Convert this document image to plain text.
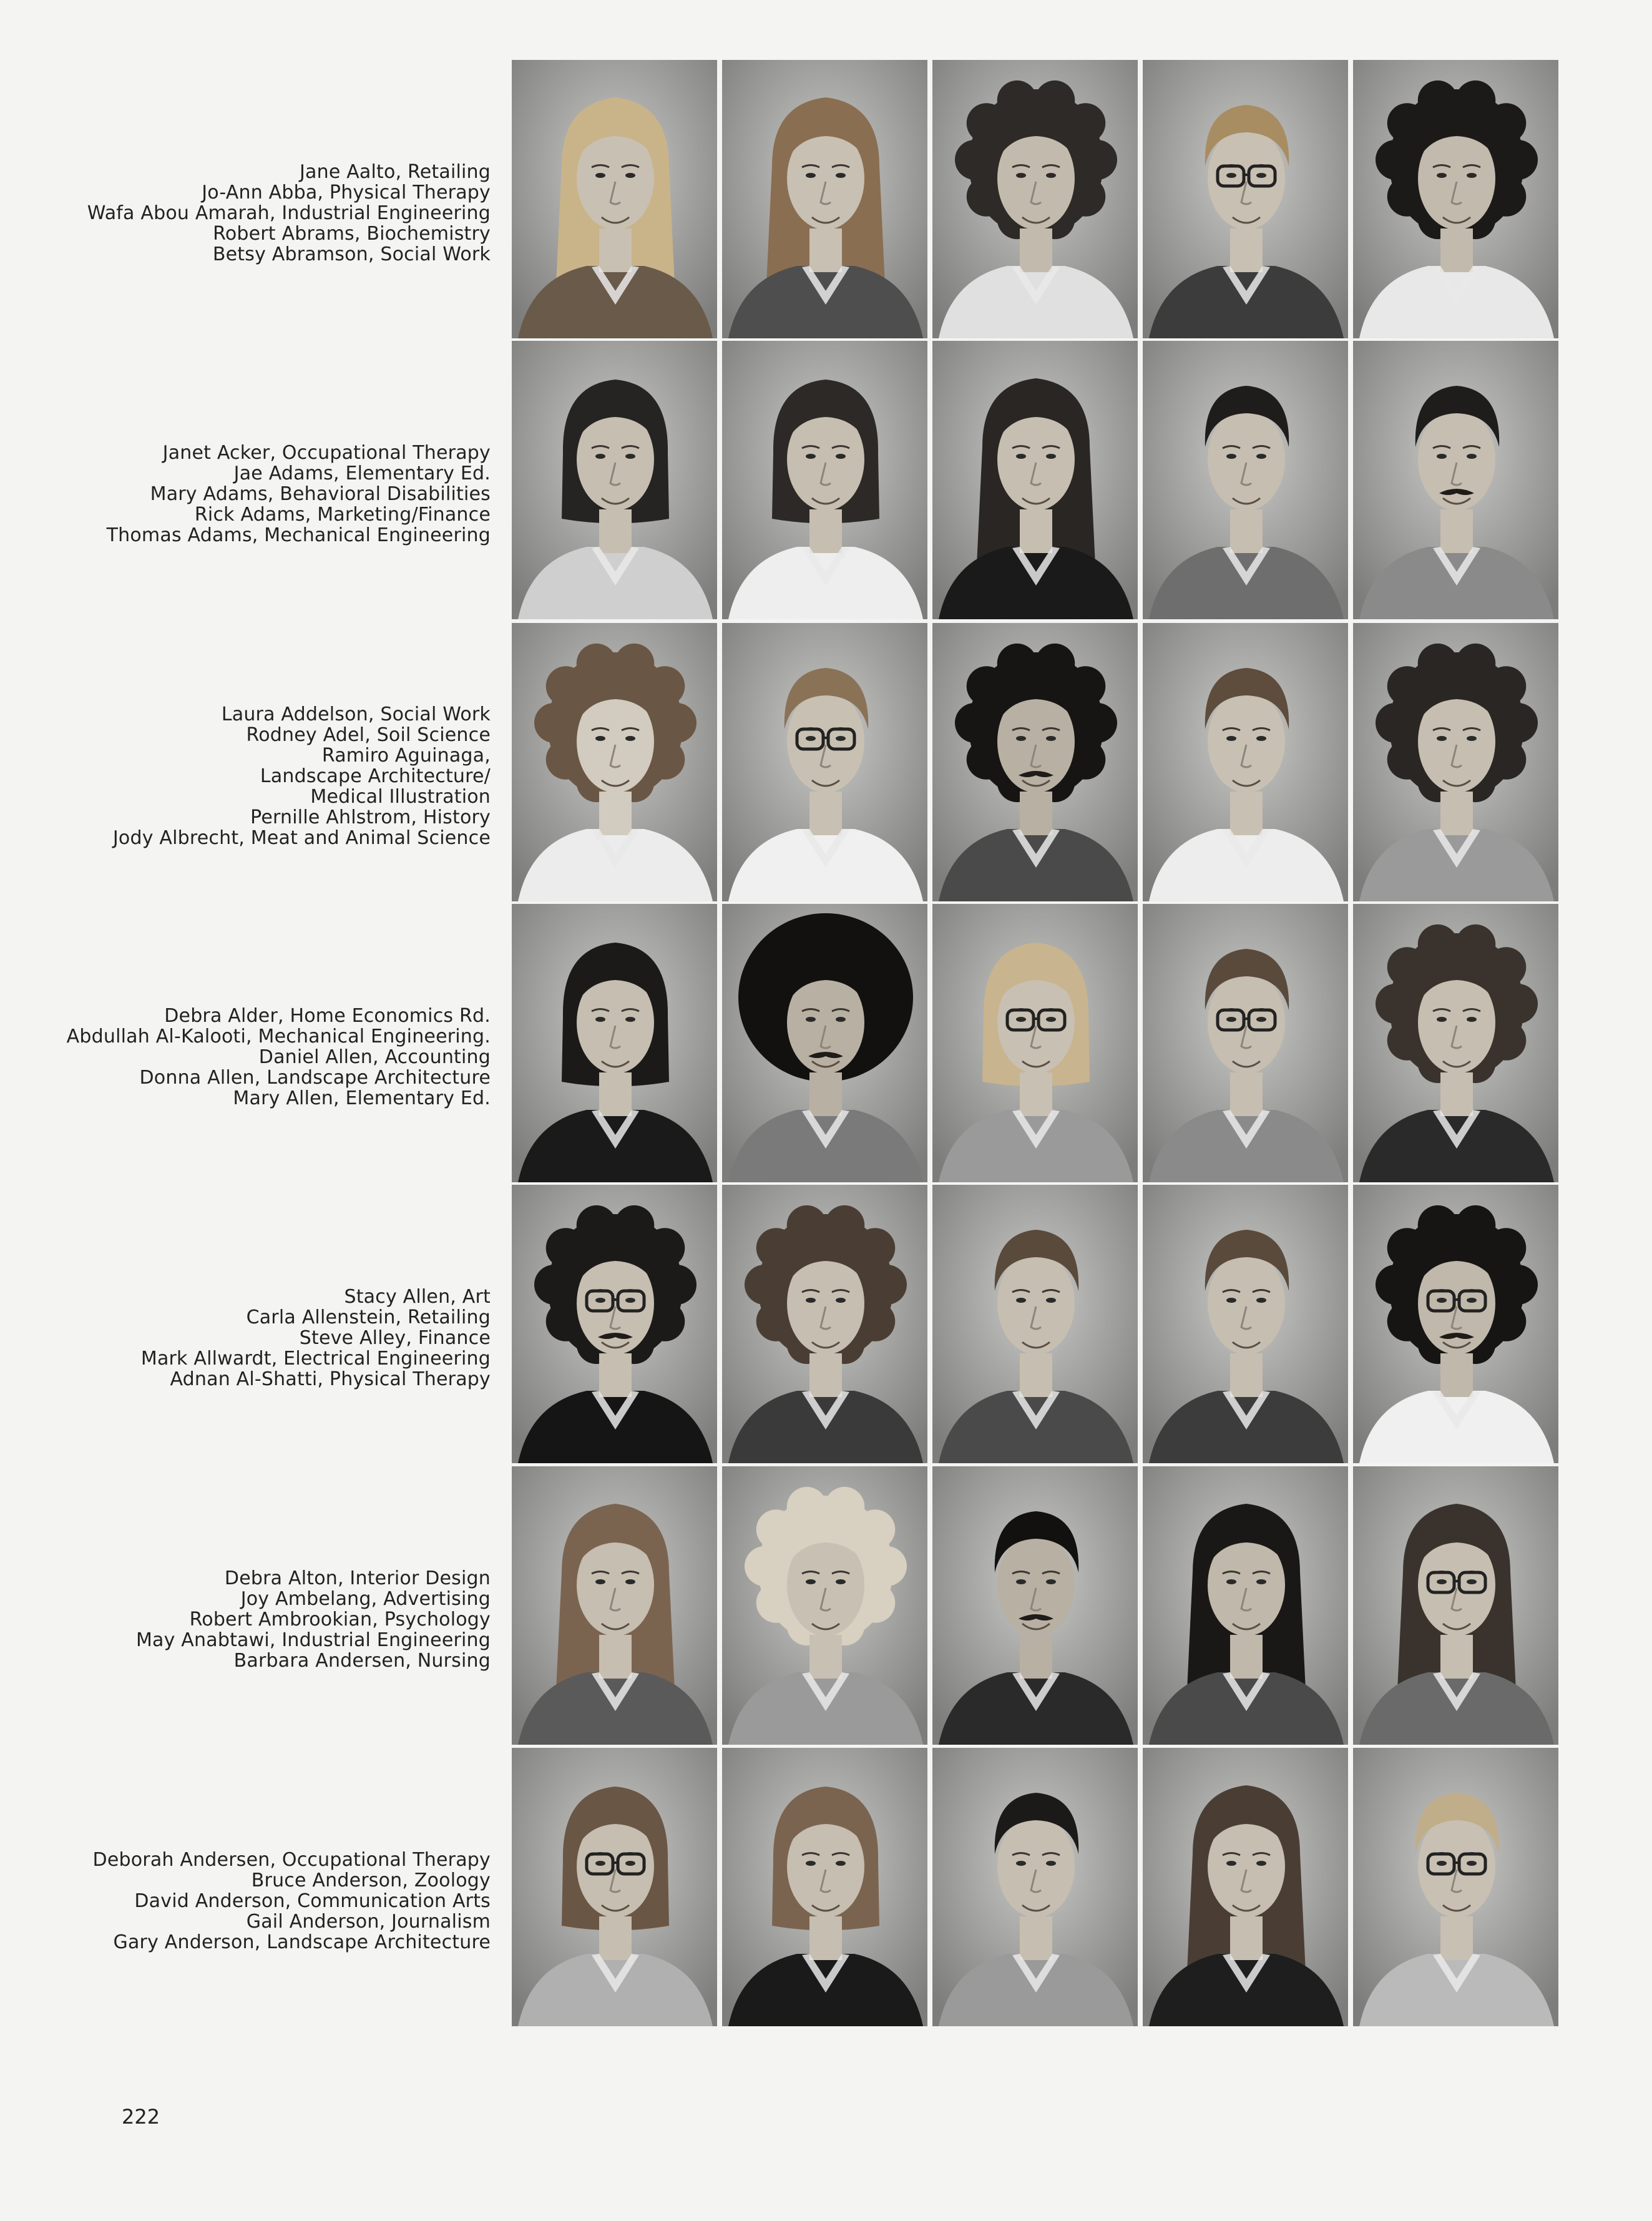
Jane Aalto, Retailing
Jo-Ann Abba, Physical Therapy
Wafa Abou Amarah, Industrial Engineering
Robert Abrams, Biochemistry
Betsy Abramson, Social Work
Janet Acker, Occupational Therapy
Jae Adams, Elementary Ed.
Mary Adams, Behavioral Disabilities
Rick Adams, Marketing/Finance
Thomas Adams, Mechanical Engineering
Laura Addelson, Social Work
Rodney Adel, Soil Science
Ramiro Aguinaga,
Landscape Architecture/
Medical Illustration
Pernille Ahlstrom, History
Jody Albrecht, Meat and Animal Science
Debra Alder, Home Economics Rd.
Abdullah Al-Kalooti, Mechanical Engineering.
Daniel Allen, Accounting
Donna Allen, Landscape Architecture
Mary Allen, Elementary Ed.
Stacy Allen, Art
Carla Allenstein, Retailing
Steve Alley, Finance
Mark Allwardt, Electrical Engineering
Adnan Al-Shatti, Physical Therapy
Debra Alton, Interior Design
Joy Ambelang, Advertising
Robert Ambrookian, Psychology
May Anabtawi, Industrial Engineering
Barbara Andersen, Nursing
Deborah Andersen, Occupational Therapy
Bruce Anderson, Zoology
David Anderson, Communication Arts
Gail Anderson, Journalism
Gary Anderson, Landscape Architecture
222
